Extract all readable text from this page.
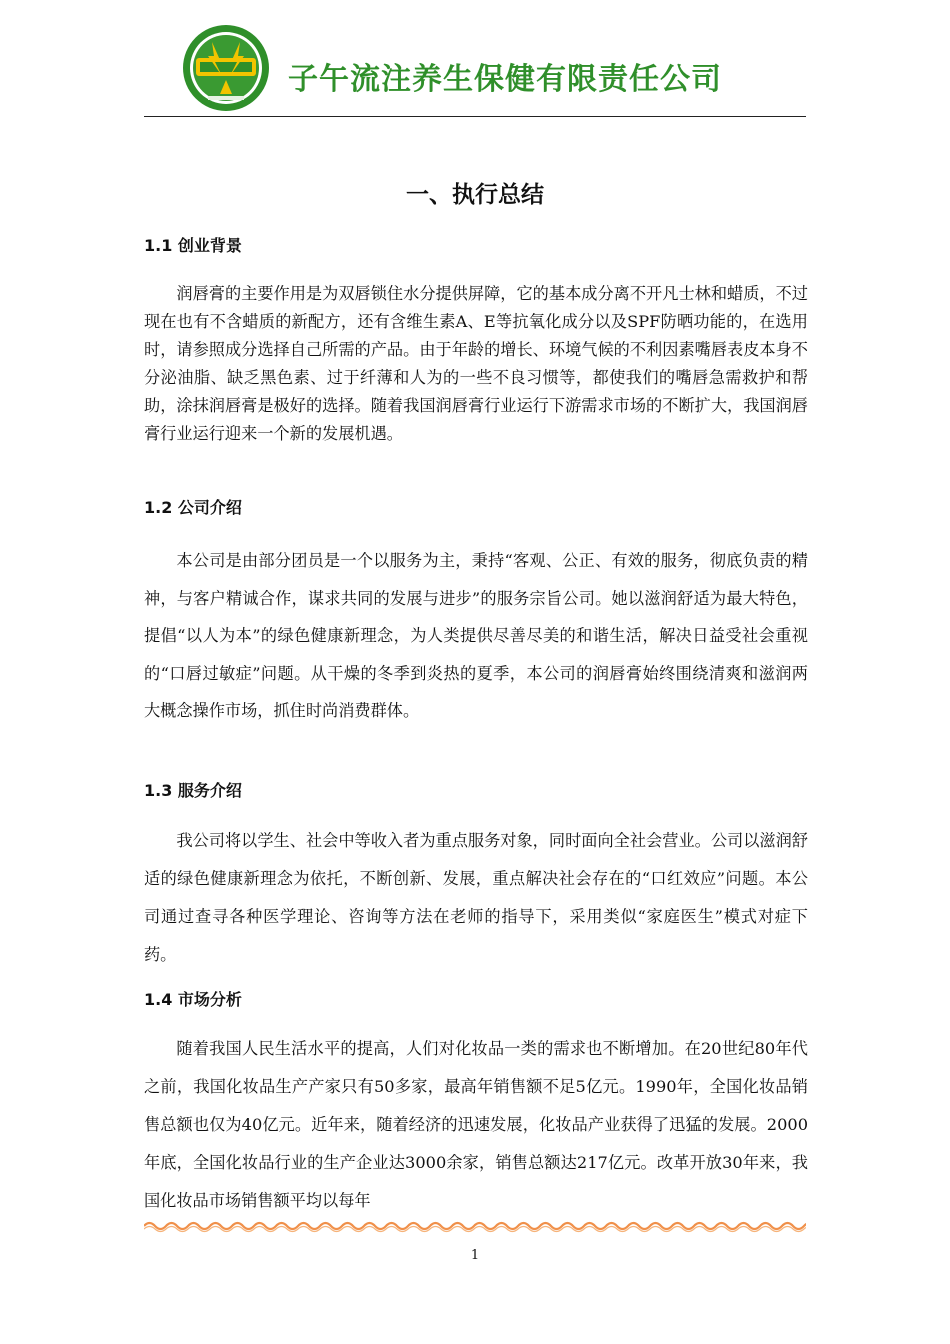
子午流注养生保健有限责任公司
一、执行总结
1.1 创业背景

润唇膏的主要作用是为双唇锁住水分提供屏障，它的基本成分离不开凡士林和蜡质，不过现在也有不含蜡质的新配方，还有含维生素A、E等抗氧化成分以及SPF防晒功能的，在选用时，请参照成分选择自己所需的产品。由于年龄的增长、环境气候的不利因素嘴唇表皮本身不分泌油脂、缺乏黑色素、过于纤薄和人为的一些不良习惯等，都使我们的嘴唇急需救护和帮助，涂抹润唇膏是极好的选择。随着我国润唇膏行业运行下游需求市场的不断扩大，我国润唇膏行业运行迎来一个新的发展机遇。

1.2 公司介绍

本公司是由部分团员是一个以服务为主，秉持“客观、公正、有效的服务，彻底负责的精神，与客户精诚合作，谋求共同的发展与进步”的服务宗旨公司。她以滋润舒适为最大特色，提倡“以人为本”的绿色健康新理念，为人类提供尽善尽美的和谐生活，解决日益受社会重视的“口唇过敏症”问题。从干燥的冬季到炎热的夏季，本公司的润唇膏始终围绕清爽和滋润两大概念操作市场，抓住时尚消费群体。

1.3 服务介绍

我公司将以学生、社会中等收入者为重点服务对象，同时面向全社会营业。公司以滋润舒适的绿色健康新理念为依托，不断创新、发展，重点解决社会存在的“口红效应”问题。本公司通过查寻各种医学理论、咨询等方法在老师的指导下，采用类似“家庭医生”模式对症下药。

1.4 市场分析

随着我国人民生活水平的提高，人们对化妆品一类的需求也不断增加。在20世纪80年代之前，我国化妆品生产产家只有50多家，最高年销售额不足5亿元。1990年，全国化妆品销售总额也仅为40亿元。近年来，随着经济的迅速发展，化妆品产业获得了迅猛的发展。2000年底，全国化妆品行业的生产企业达3000余家，销售总额达217亿元。改革开放30年来，我国化妆品市场销售额平均以每年

1
